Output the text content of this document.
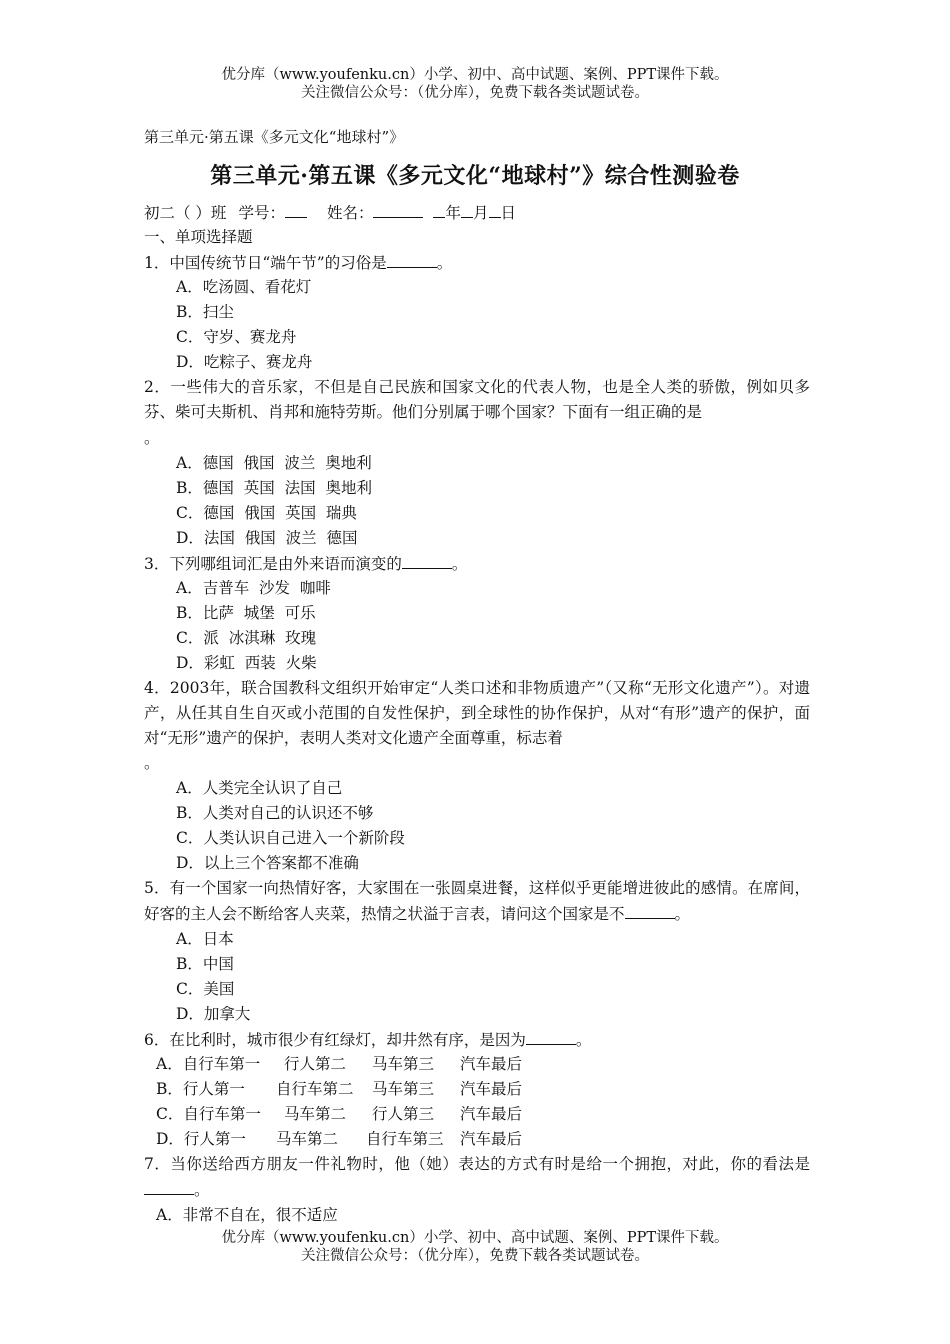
优分库（www.youfenku.cn）小学、初中、高中试题、案例、PPT课件下载。
关注微信公众号：（优分库），免费下载各类试题试卷。
第三单元·第五课《多元文化“地球村”》
第三单元·第五课《多元文化“地球村”》综合性测验卷
初二（ ）班 学号：	姓名：	年 月 日
一、单项选择题
1．中国传统节日“端午节”的习俗是	。
A．吃汤圆、看花灯
B．扫尘
C．守岁、赛龙舟
D．吃粽子、赛龙舟
2．一些伟大的音乐家，不但是自己民族和国家文化的代表人物，也是全人类的骄傲，例如贝多芬、柴可夫斯机、肖邦和施特劳斯。他们分别属于哪个国家？下面有一组正确的是
。
A．德国  俄国  波兰  奥地利
B．德国  英国  法国  奥地利
C．德国  俄国  英国  瑞典
D．法国  俄国  波兰  德国
3．下列哪组词汇是由外来语而演变的	。
A．吉普车  沙发  咖啡
B．比萨  城堡  可乐
C．派  冰淇琳  玫瑰
D．彩虹  西装  火柴
4．2003年，联合国教科文组织开始审定“人类口述和非物质遗产”（又称“无形文化遗产”）。对遗产，从任其自生自灭或小范围的自发性保护，到全球性的协作保护，从对“有形”遗产的保护，面对“无形”遗产的保护，表明人类对文化遗产全面尊重，标志着
。
A．人类完全认识了自己
B．人类对自己的认识还不够
C．人类认识自己进入一个新阶段
D．以上三个答案都不准确
5．有一个国家一向热情好客，大家围在一张圆桌进餐，这样似乎更能增进彼此的感情。在席间，好客的主人会不断给客人夹菜，热情之状溢于言表，请问这个国家是不	。
A．日本
B．中国
C．美国
D．加拿大
6．在比利时，城市很少有红绿灯，却井然有序，是因为	。
A．自行车第一 行人第二 马车第三 汽车最后
B．行人第一 自行车第二 马车第三 汽车最后
C．自行车第一 马车第二 行人第三 汽车最后
D．行人第一 马车第二 自行车第三 汽车最后
7．当你送给西方朋友一件礼物时，他（她）表达的方式有时是给一个拥抱，对此，你的看法是。
A．非常不自在，很不适应
优分库（www.youfenku.cn）小学、初中、高中试题、案例、PPT课件下载。
关注微信公众号：（优分库），免费下载各类试题试卷。
